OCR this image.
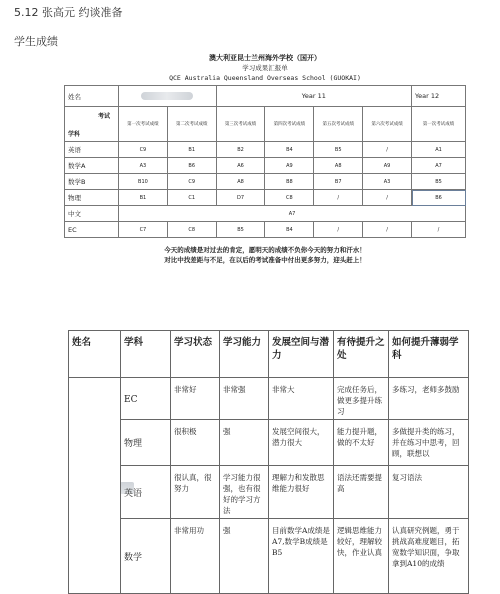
5.12 张高元 约谈准备
学生成绩
澳大利亚昆士兰州海外学校（国开）
学习成果汇报单
QCE Australia Queensland Overseas School (GUOKAI)
姓名			Year 11				Year 12

考试
学科	第一次考试成绩	第二次考试成绩	第三次考试成绩	第四次考试成绩	第五次考试成绩	第六次考试成绩	第一次考试成绩
英语	C9	B1	B2	B4	B5	/	A1
数学A	A3	B6	A6	A9	A8	A9	A7
数学B	B10	C9	A8	B8	B7	A3	B5
物理	B1	C1	D7	C8	/	/	B6
中文	A7						
EC	C7	C8	B5	B4	/	/	/
今天的成绩是对过去的肯定，愿明天的成绩不负你今天的努力和汗水！
对比中找差距与不足，在以后的考试准备中付出更多努力，迎头赶上！
姓名	学科	学习状态	学习能力	发展空间与潜力	有待提升之处	如何提升薄弱学科

	EC	非常好	非常强	非常大	完成任务后，做更多提升练习	多练习，老师多鼓励
	物理	很积极	强	发展空间很大，潜力很大	能力提升题，做的不太好	多做提升类的练习，并在练习中思考，回顾，联想以
	英语	很认真，很努力	学习能力很强，也有很好的学习方法	理解力和发散思维能力很好	语法还需要提高	复习语法
	数学	非常用功	强	目前数学A成绩是A7,数学B成绩是B5	逻辑思维能力较好，理解较快，作业认真	认真研究例题，勇于挑战高难度题目，拓宽数学知识面，争取拿到A10的成绩
